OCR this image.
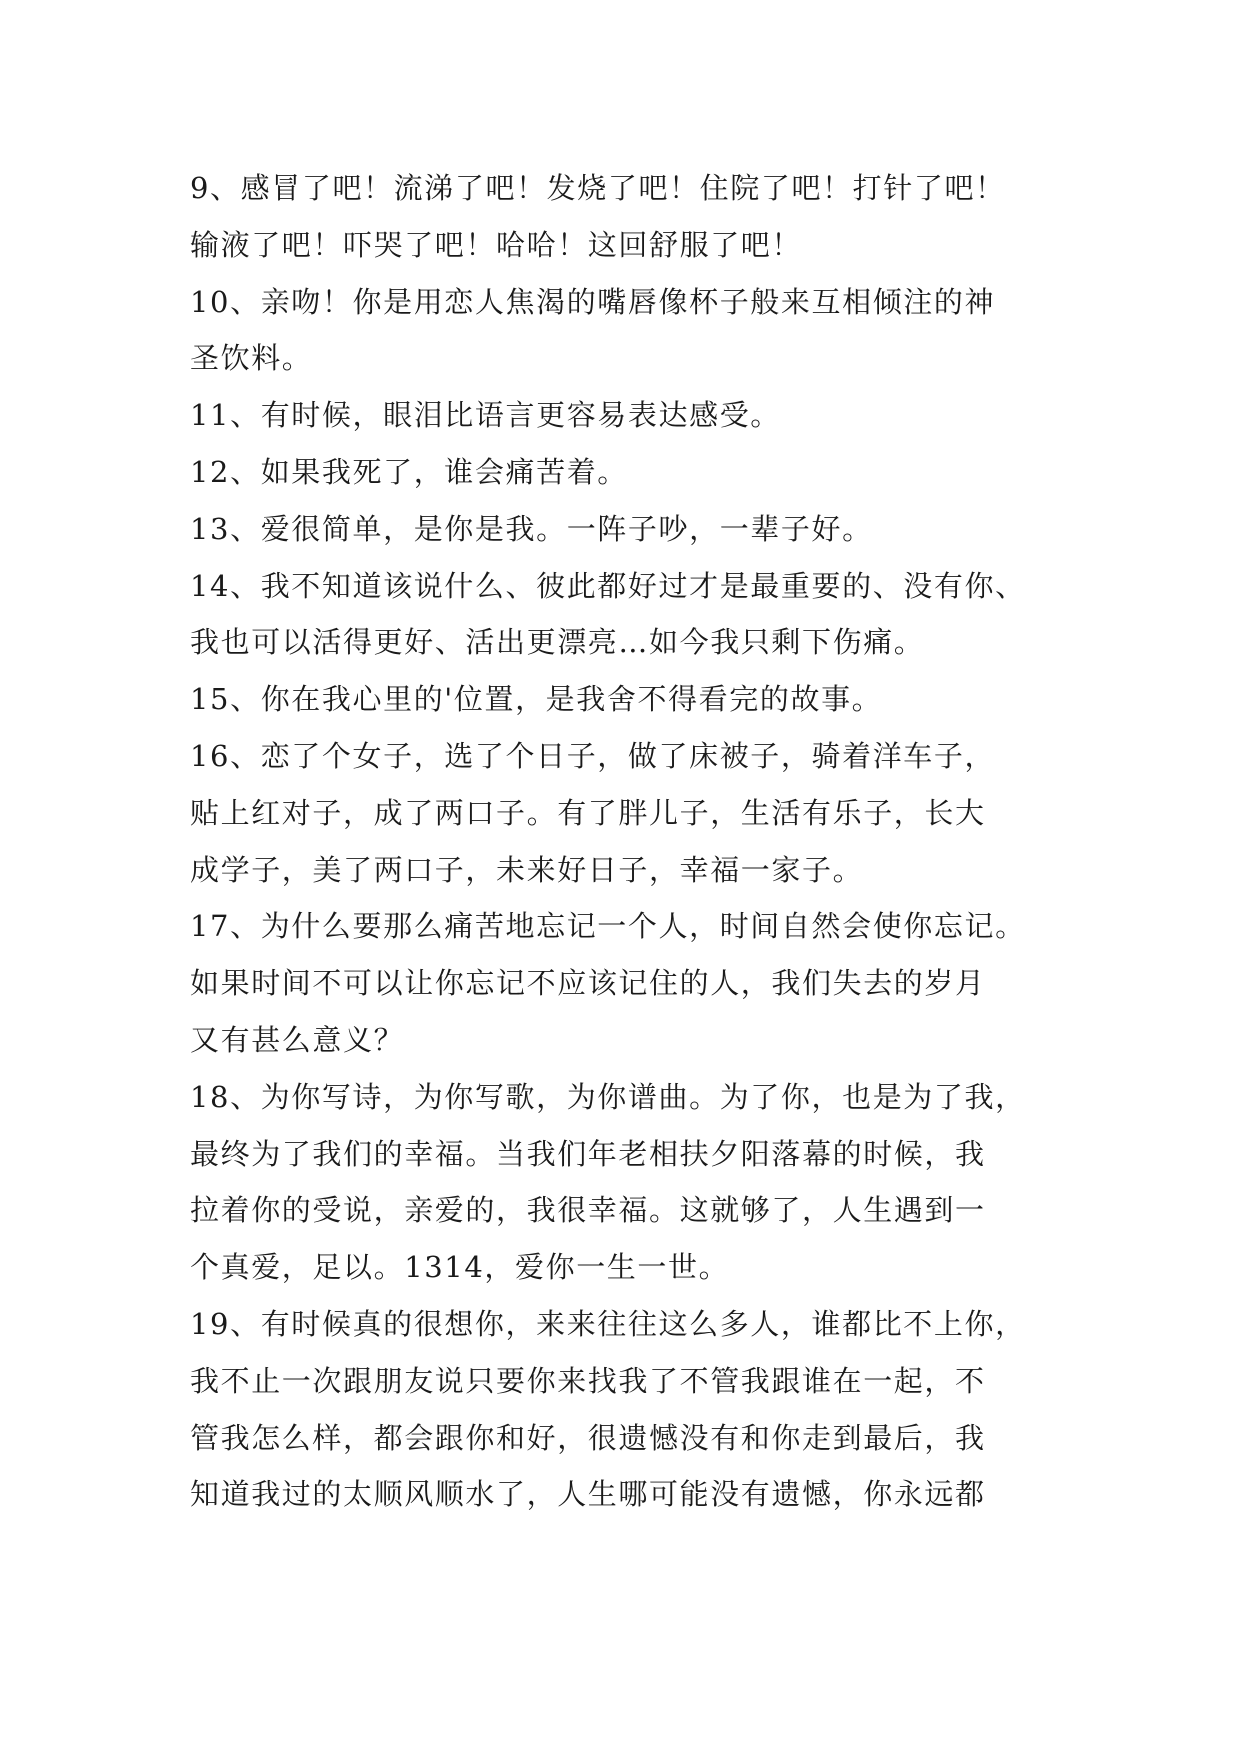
9、感冒了吧！流涕了吧！发烧了吧！住院了吧！打针了吧！
输液了吧！吓哭了吧！哈哈！这回舒服了吧！
10、亲吻！你是用恋人焦渴的嘴唇像杯子般来互相倾注的神
圣饮料。
11、有时候，眼泪比语言更容易表达感受。
12、如果我死了，谁会痛苦着。
13、爱很简单，是你是我。一阵子吵，一辈子好。
14、我不知道该说什么、彼此都好过才是最重要的、没有你、
我也可以活得更好、活出更漂亮…如今我只剩下伤痛。
15、你在我心里的'位置，是我舍不得看完的故事。
16、恋了个女子，选了个日子，做了床被子，骑着洋车子，
贴上红对子，成了两口子。有了胖儿子，生活有乐子，长大
成学子，美了两口子，未来好日子，幸福一家子。
17、为什么要那么痛苦地忘记一个人，时间自然会使你忘记。
如果时间不可以让你忘记不应该记住的人，我们失去的岁月
又有甚么意义？
18、为你写诗，为你写歌，为你谱曲。为了你，也是为了我，
最终为了我们的幸福。当我们年老相扶夕阳落幕的时候，我
拉着你的受说，亲爱的，我很幸福。这就够了，人生遇到一
个真爱，足以。1314，爱你一生一世。
19、有时候真的很想你，来来往往这么多人，谁都比不上你，
我不止一次跟朋友说只要你来找我了不管我跟谁在一起，不
管我怎么样，都会跟你和好，很遗憾没有和你走到最后，我
知道我过的太顺风顺水了，人生哪可能没有遗憾，你永远都
